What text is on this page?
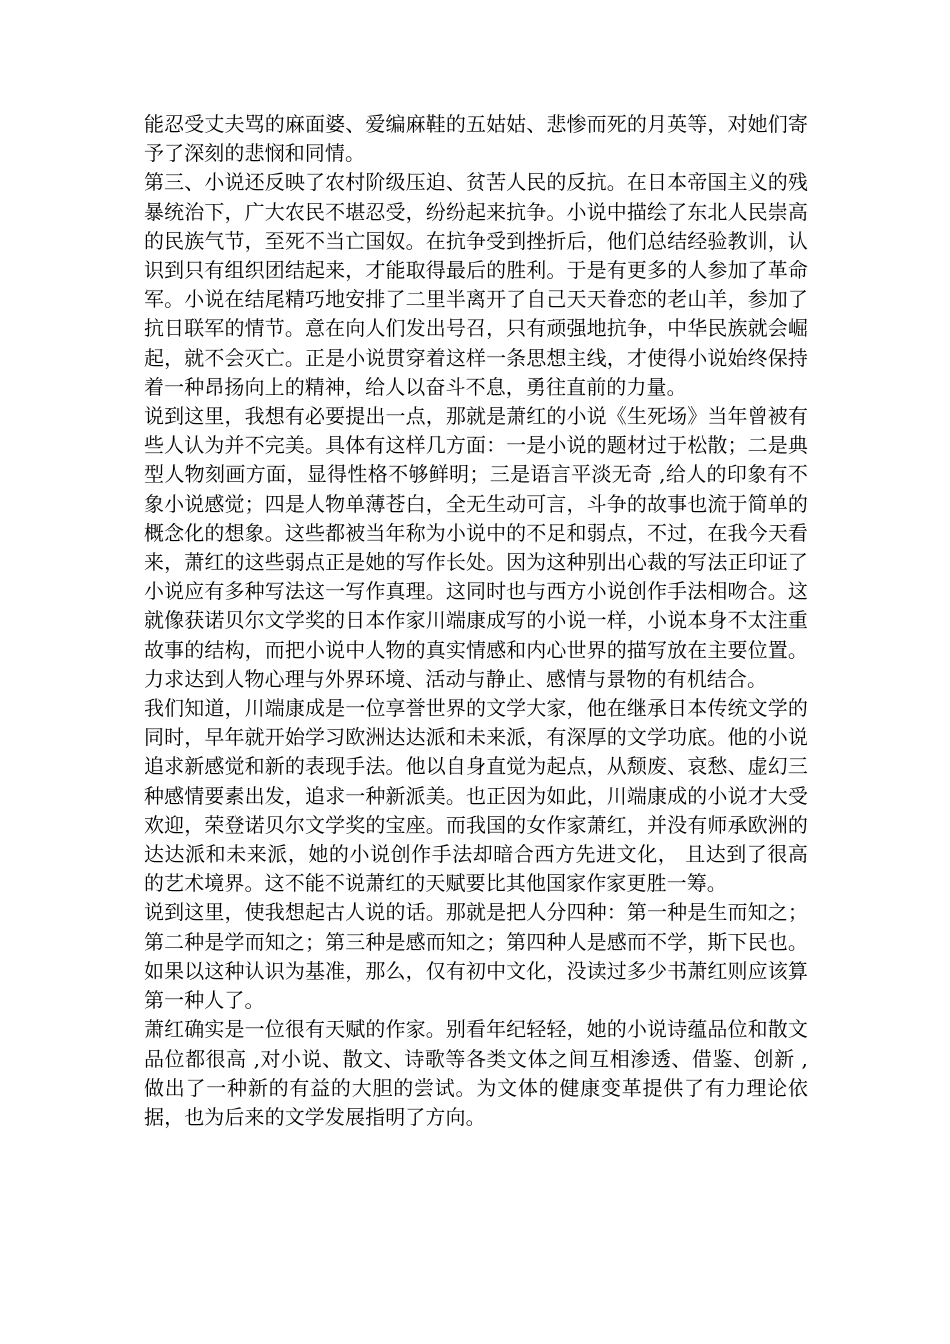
能忍受丈夫骂的麻面婆、爱编麻鞋的五姑姑、悲惨而死的月英等，对她们寄予了深刻的悲悯和同情。

第三、小说还反映了农村阶级压迫、贫苦人民的反抗。在日本帝国主义的残暴统治下，广大农民不堪忍受，纷纷起来抗争。小说中描绘了东北人民崇高的民族气节，至死不当亡国奴。在抗争受到挫折后，他们总结经验教训，认识到只有组织团结起来，才能取得最后的胜利。于是有更多的人参加了革命军。小说在结尾精巧地安排了二里半离开了自己天天眷恋的老山羊，参加了抗日联军的情节。意在向人们发出号召，只有顽强地抗争，中华民族就会崛起，就不会灭亡。正是小说贯穿着这样一条思想主线，才使得小说始终保持着一种昂扬向上的精神，给人以奋斗不息，勇往直前的力量。

说到这里，我想有必要提出一点，那就是萧红的小说《生死场》当年曾被有些人认为并不完美。具体有这样几方面：一是小说的题材过于松散；二是典型人物刻画方面，显得性格不够鲜明；三是语言平淡无奇 ,给人的印象有不象小说感觉；四是人物单薄苍白，全无生动可言，斗争的故事也流于简单的概念化的想象。这些都被当年称为小说中的不足和弱点，不过，在我今天看来，萧红的这些弱点正是她的写作长处。因为这种别出心裁的写法正印证了小说应有多种写法这一写作真理。这同时也与西方小说创作手法相吻合。这就像获诺贝尔文学奖的日本作家川端康成写的小说一样，小说本身不太注重故事的结构，而把小说中人物的真实情感和内心世界的描写放在主要位置。力求达到人物心理与外界环境、活动与静止、感情与景物的有机结合。

我们知道，川端康成是一位享誉世界的文学大家，他在继承日本传统文学的同时，早年就开始学习欧洲达达派和未来派，有深厚的文学功底。他的小说追求新感觉和新的表现手法。他以自身直觉为起点，从颓废、哀愁、虚幻三种感情要素出发，追求一种新派美。也正因为如此，川端康成的小说才大受欢迎，荣登诺贝尔文学奖的宝座。而我国的女作家萧红，并没有师承欧洲的达达派和未来派，她的小说创作手法却暗合西方先进文化， 且达到了很高的艺术境界。这不能不说萧红的天赋要比其他国家作家更胜一筹。

说到这里，使我想起古人说的话。那就是把人分四种：第一种是生而知之；第二种是学而知之；第三种是感而知之；第四种人是感而不学，斯下民也。如果以这种认识为基准，那么，仅有初中文化，没读过多少书萧红则应该算第一种人了。

萧红确实是一位很有天赋的作家。别看年纪轻轻，她的小说诗蕴品位和散文品位都很高 ,对小说、散文、诗歌等各类文体之间互相渗透、借鉴、创新 ,做出了一种新的有益的大胆的尝试。为文体的健康变革提供了有力理论依据，也为后来的文学发展指明了方向。
